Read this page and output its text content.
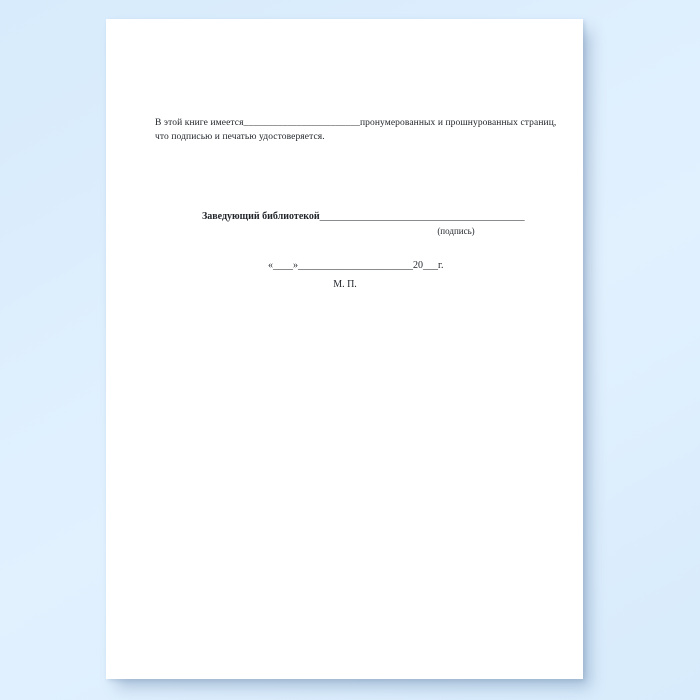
В этой книге имеется________________________пронумерованных и прошнурованных страниц,
что подписью и печатью удостоверяется.
Заведующий библиотекой_________________________________________
(подпись)
«____»_______________________20___г.
М. П.
